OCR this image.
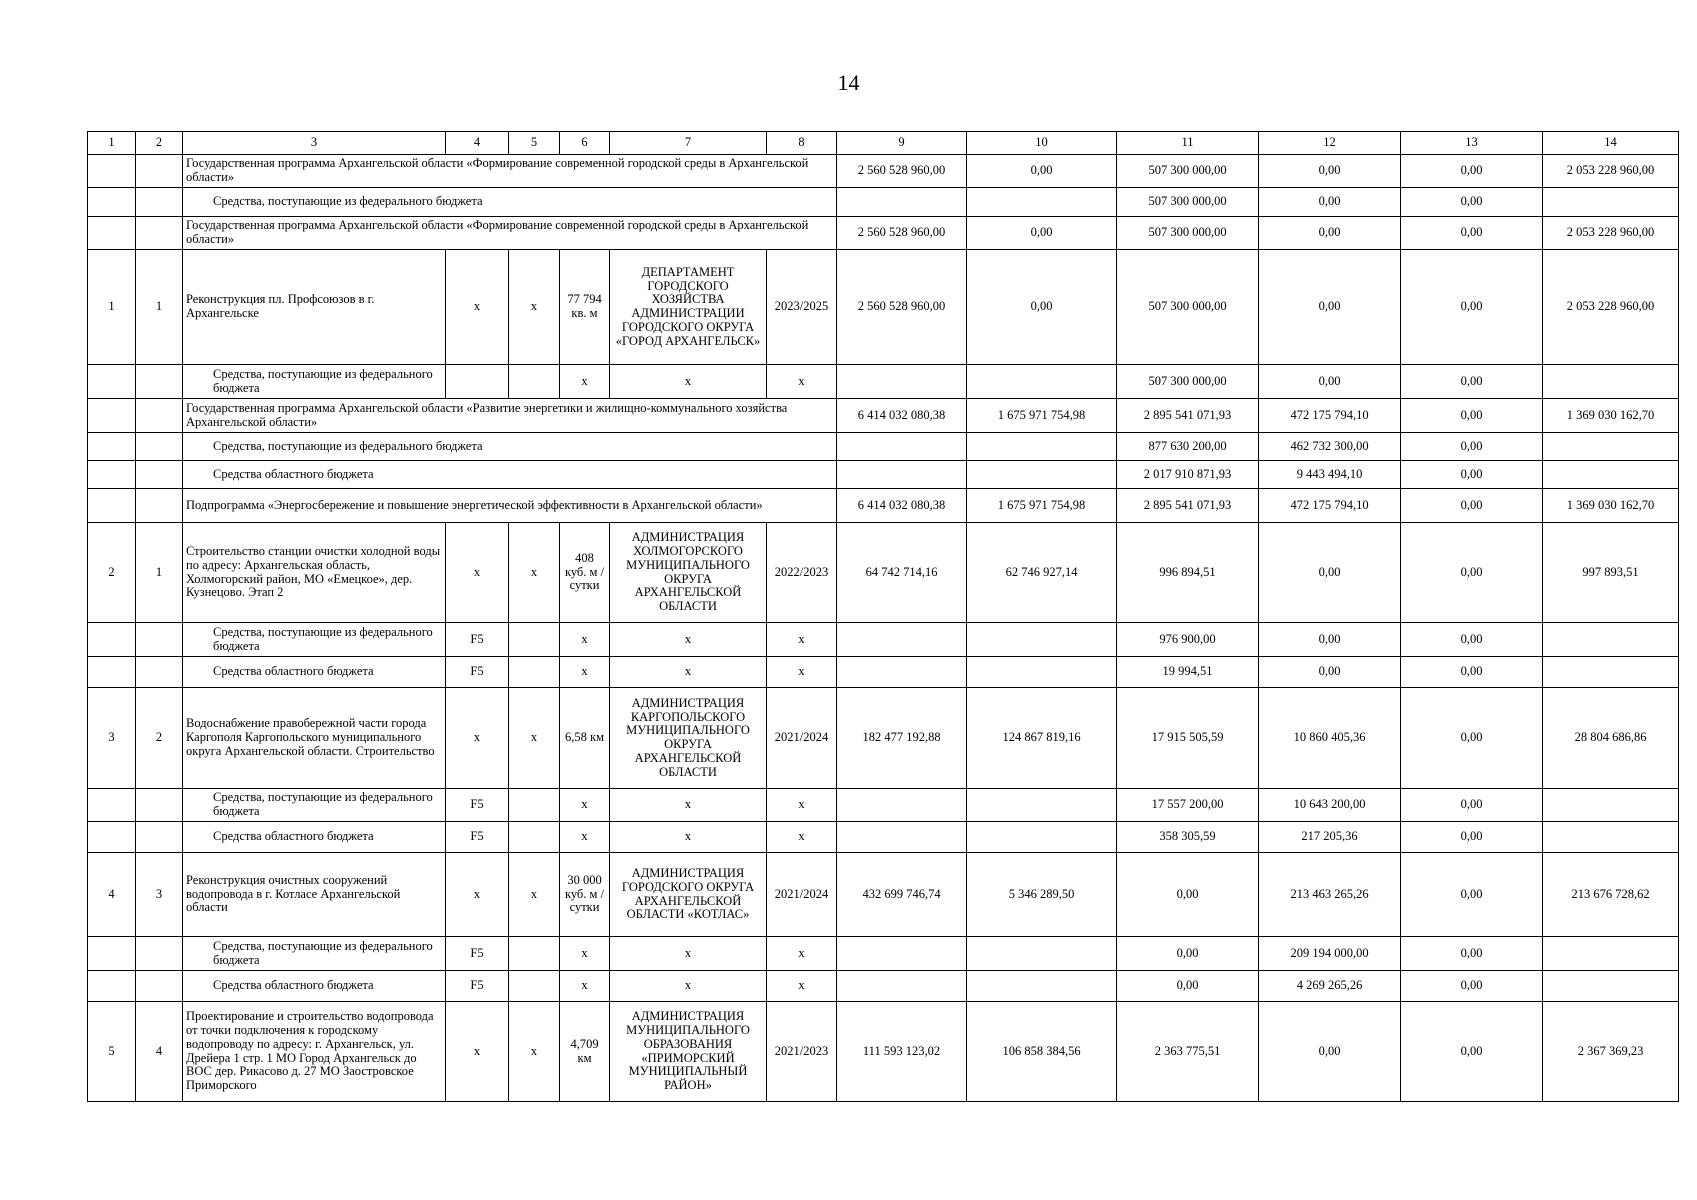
14
1	2	3	4	5	6	7	8	9	10	11	12	13	14
		Государственная программа Архангельской области «Формирование современной городской среды в Архангельской области»						2 560 528 960,00	0,00	507 300 000,00	0,00	0,00	2 053 228 960,00
		Средства, поступающие из федерального бюджета								507 300 000,00	0,00	0,00	
		Государственная программа Архангельской области «Формирование современной городской среды в Архангельской области»						2 560 528 960,00	0,00	507 300 000,00	0,00	0,00	2 053 228 960,00
1	1	Реконструкция пл. Профсоюзов в г. Архангельске	х	х	77 794 кв. м	ДЕПАРТАМЕНТ ГОРОДСКОГО ХОЗЯЙСТВА АДМИНИСТРАЦИИ ГОРОДСКОГО ОКРУГА «ГОРОД АРХАНГЕЛЬСК»	2023/2025	2 560 528 960,00	0,00	507 300 000,00	0,00	0,00	2 053 228 960,00
		Средства, поступающие из федерального бюджета			х	х	х			507 300 000,00	0,00	0,00	
		Государственная программа Архангельской области «Развитие энергетики и жилищно-коммунального хозяйства Архангельской области»						6 414 032 080,38	1 675 971 754,98	2 895 541 071,93	472 175 794,10	0,00	1 369 030 162,70
		Средства, поступающие из федерального бюджета								877 630 200,00	462 732 300,00	0,00	
		Средства областного бюджета								2 017 910 871,93	9 443 494,10	0,00	
		Подпрограмма «Энергосбережение и повышение энергетической эффективности в Архангельской области»						6 414 032 080,38	1 675 971 754,98	2 895 541 071,93	472 175 794,10	0,00	1 369 030 162,70
2	1	Строительство станции очистки холодной воды по адресу: Архангельская область, Холмогорский район, МО «Емецкое», дер. Кузнецово. Этап 2	х	х	408 куб. м / сутки	АДМИНИСТРАЦИЯ ХОЛМОГОРСКОГО МУНИЦИПАЛЬНОГО ОКРУГА АРХАНГЕЛЬСКОЙ ОБЛАСТИ	2022/2023	64 742 714,16	62 746 927,14	996 894,51	0,00	0,00	997 893,51
		Средства, поступающие из федерального бюджета	F5		х	х	х			976 900,00	0,00	0,00	
		Средства областного бюджета	F5		х	х	х			19 994,51	0,00	0,00	
3	2	Водоснабжение правобережной части города Каргополя Каргопольского муниципального округа Архангельской области. Строительство	х	х	6,58 км	АДМИНИСТРАЦИЯ КАРГОПОЛЬСКОГО МУНИЦИПАЛЬНОГО ОКРУГА АРХАНГЕЛЬСКОЙ ОБЛАСТИ	2021/2024	182 477 192,88	124 867 819,16	17 915 505,59	10 860 405,36	0,00	28 804 686,86
		Средства, поступающие из федерального бюджета	F5		х	х	х			17 557 200,00	10 643 200,00	0,00	
		Средства областного бюджета	F5		х	х	х			358 305,59	217 205,36	0,00	
4	3	Реконструкция очистных сооружений водопровода в г. Котласе Архангельской области	х	х	30 000 куб. м / сутки	АДМИНИСТРАЦИЯ ГОРОДСКОГО ОКРУГА АРХАНГЕЛЬСКОЙ ОБЛАСТИ «КОТЛАС»	2021/2024	432 699 746,74	5 346 289,50	0,00	213 463 265,26	0,00	213 676 728,62
		Средства, поступающие из федерального бюджета	F5		х	х	х			0,00	209 194 000,00	0,00	
		Средства областного бюджета	F5		х	х	х			0,00	4 269 265,26	0,00	
5	4	Проектирование и строительство водопровода от точки подключения к городскому водопроводу по адресу: г. Архангельск, ул. Дрейера 1 стр. 1 МО Город Архангельск до ВОС дер. Рикасово д. 27 МО Заостровское Приморского	х	х	4,709 км	АДМИНИСТРАЦИЯ МУНИЦИПАЛЬНОГО ОБРАЗОВАНИЯ «ПРИМОРСКИЙ МУНИЦИПАЛЬНЫЙ РАЙОН»	2021/2023	111 593 123,02	106 858 384,56	2 363 775,51	0,00	0,00	2 367 369,23
